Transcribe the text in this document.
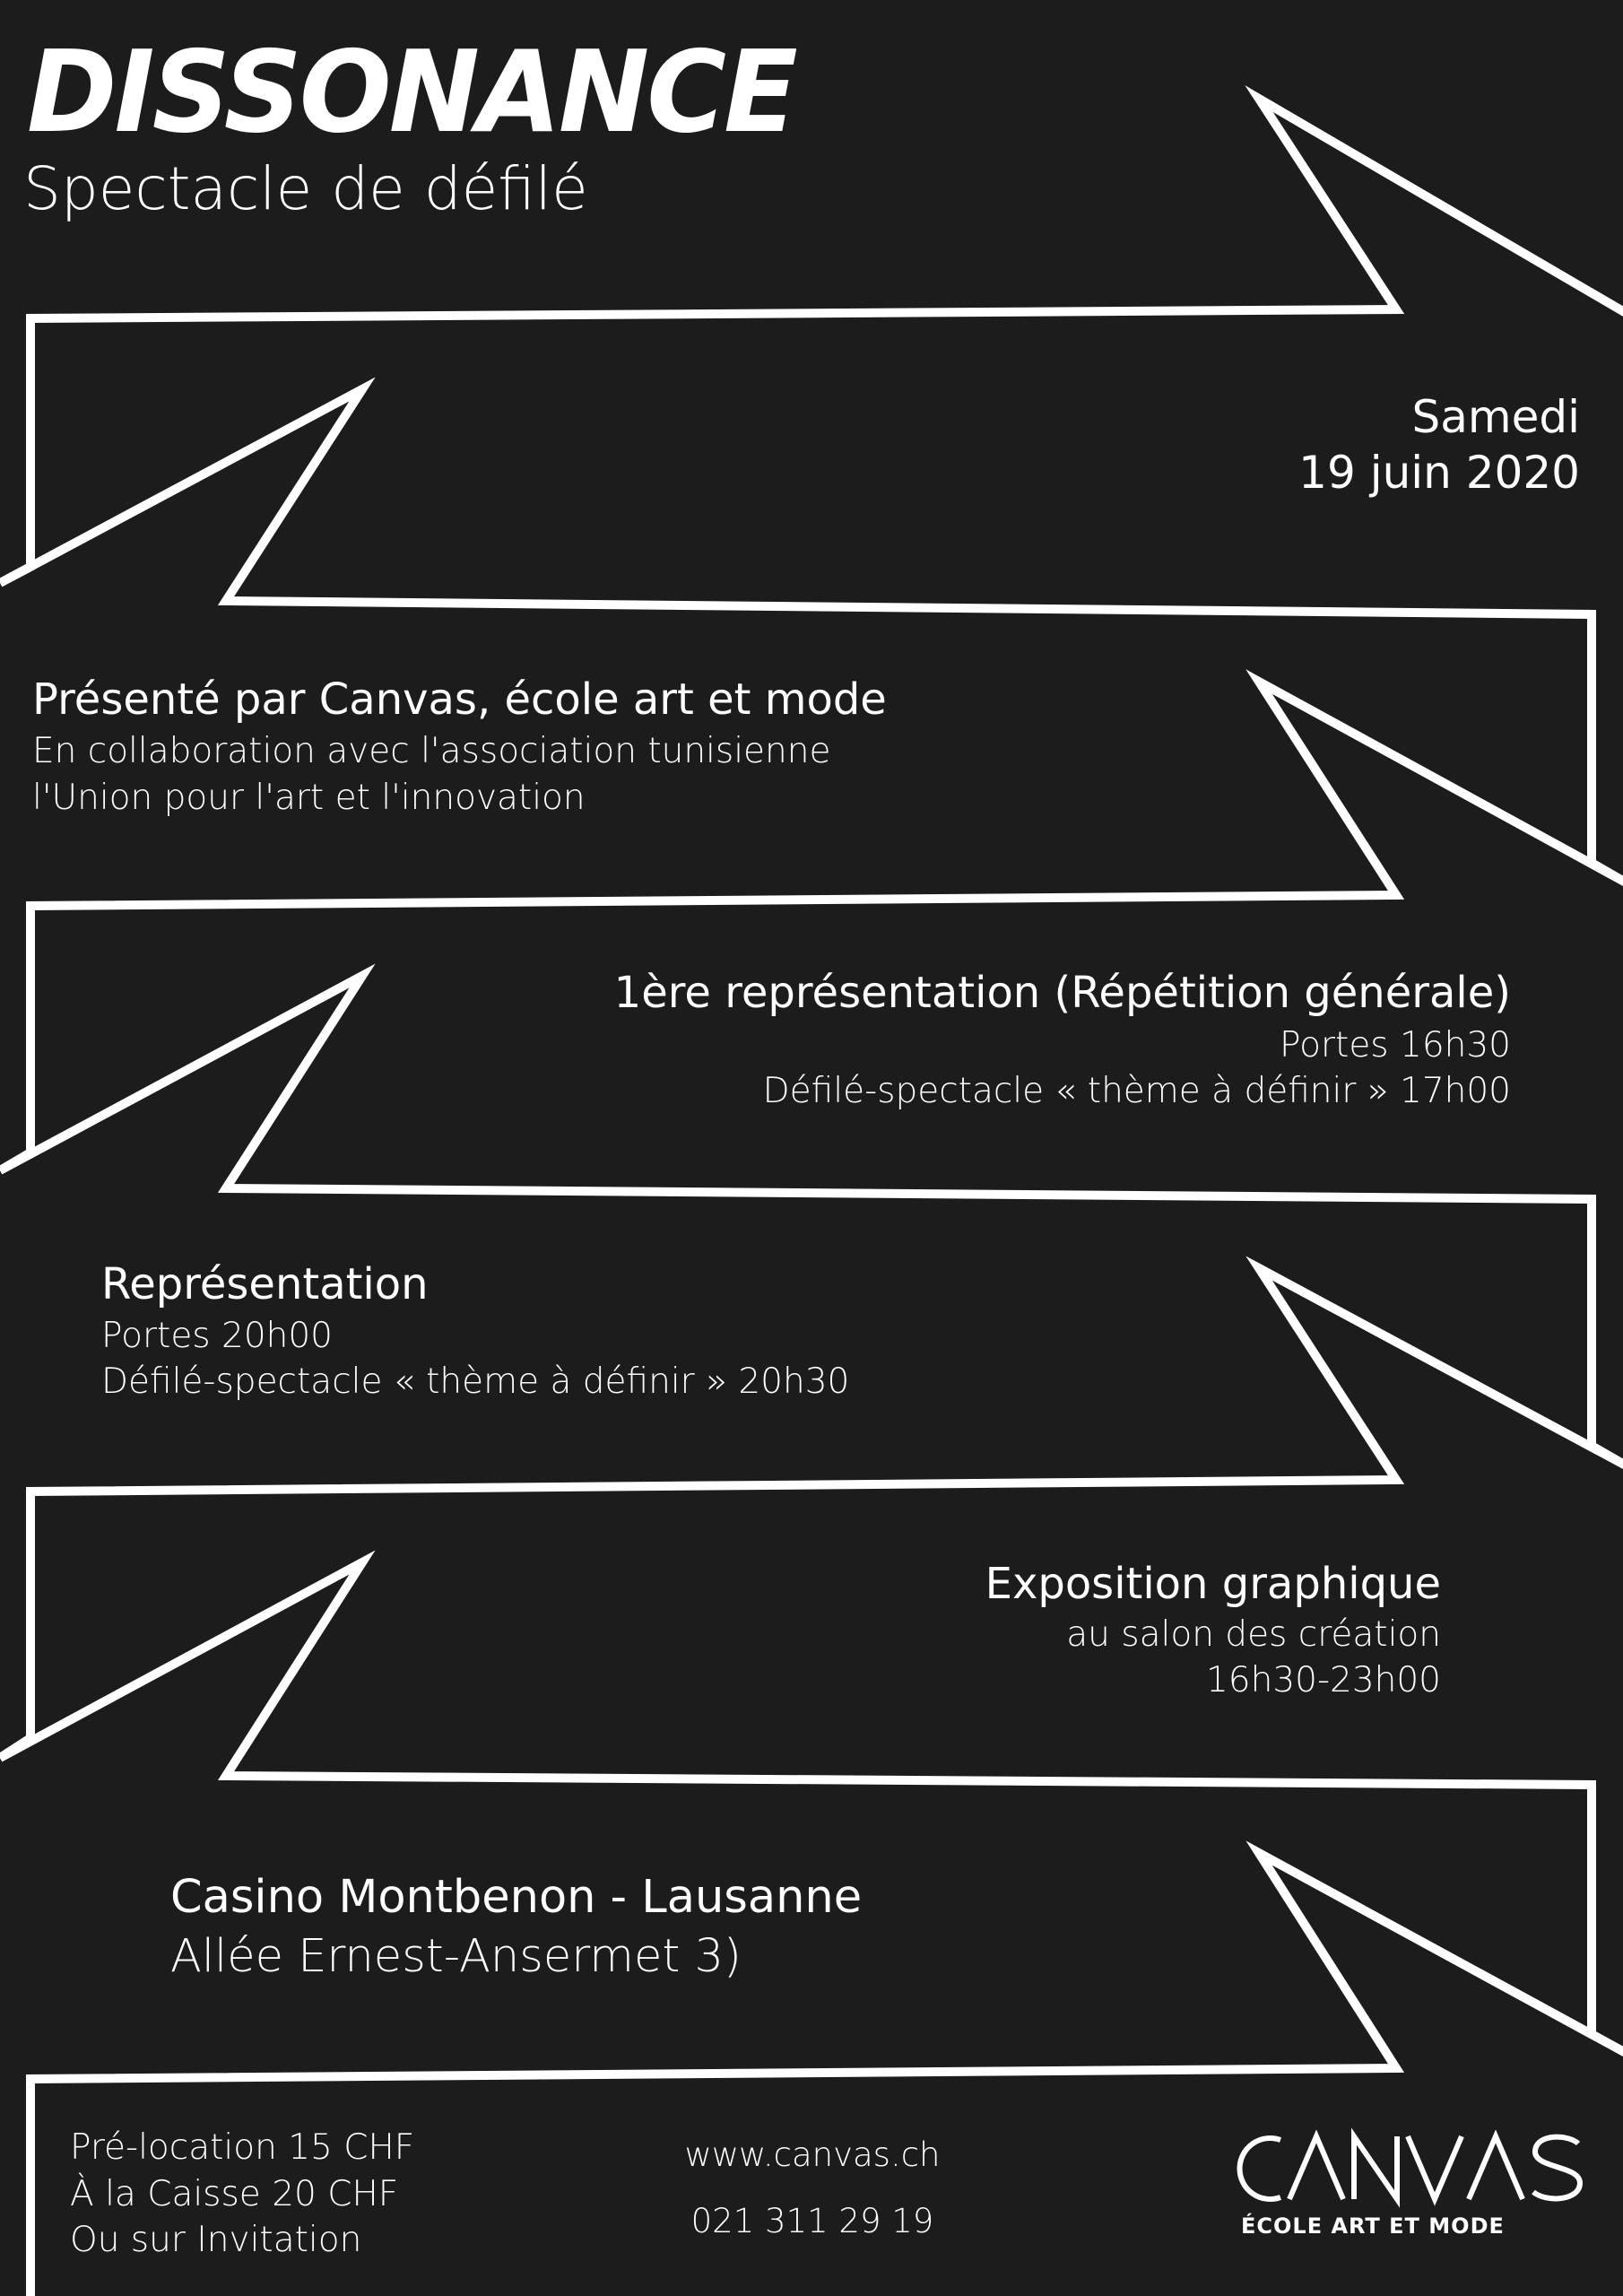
DISSONANCE
Spectacle de défilé
Samedi
19 juin 2020
Présenté par Canvas, école art et mode
En collaboration avec l'association tunisienne
l'Union pour l'art et l'innovation
1ère représentation (Répétition générale)
Portes 16h30
Défilé-spectacle « thème à définir » 17h00
Représentation
Portes 20h00
Défilé-spectacle « thème à définir » 20h30
Exposition graphique
au salon des création
16h30-23h00
Casino Montbenon - Lausanne
Allée Ernest-Ansermet 3)
Pré-location 15 CHF
À la Caisse 20 CHF
Ou sur Invitation
www.canvas.ch
021 311 29 19	ÉCOLE ART ET MODE
